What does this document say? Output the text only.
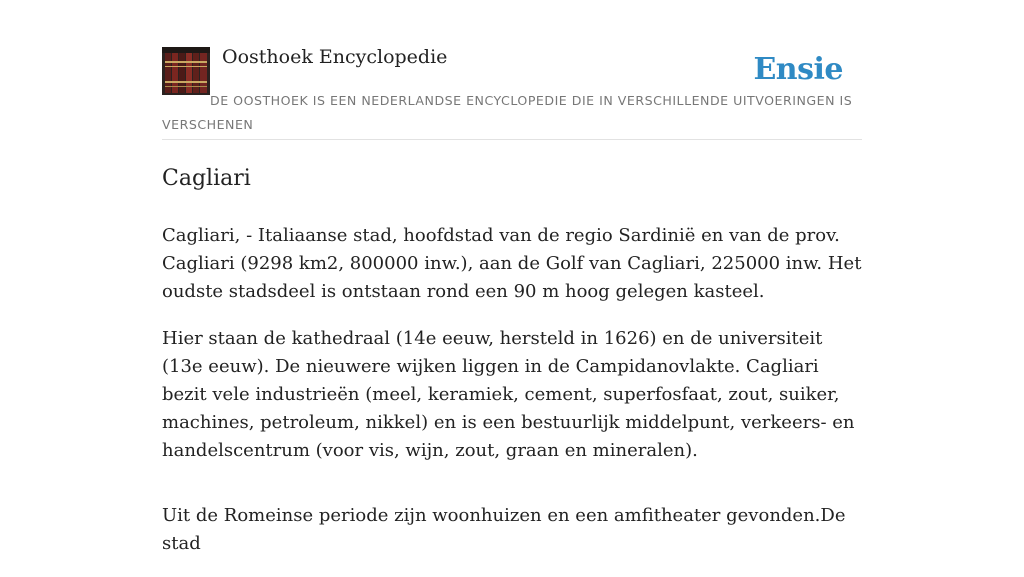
Oosthoek Encyclopedie	Ensie
DE OOSTHOEK IS EEN NEDERLANDSE ENCYCLOPEDIE DIE IN VERSCHILLENDE UITVOERINGEN IS VERSCHENEN
Cagliari

Cagliari, - Italiaanse stad, hoofdstad van de regio Sardinië en van de prov. Cagliari (9298 km2, 800000 inw.), aan de Golf van Cagliari, 225000 inw. Het oudste stadsdeel is ontstaan rond een 90 m hoog gelegen kasteel.

Hier staan de kathedraal (14e eeuw, hersteld in 1626) en de universiteit (13e eeuw). De nieuwere wijken liggen in de Campidanovlakte. Cagliari bezit vele industrieën (meel, keramiek, cement, superfosfaat, zout, suiker, machines, petroleum, nikkel) en is een bestuurlijk middelpunt, verkeers- en handelscentrum (voor vis, wijn, zout, graan en mineralen).

Uit de Romeinse periode zijn woonhuizen en een amfitheater gevonden.De stad
